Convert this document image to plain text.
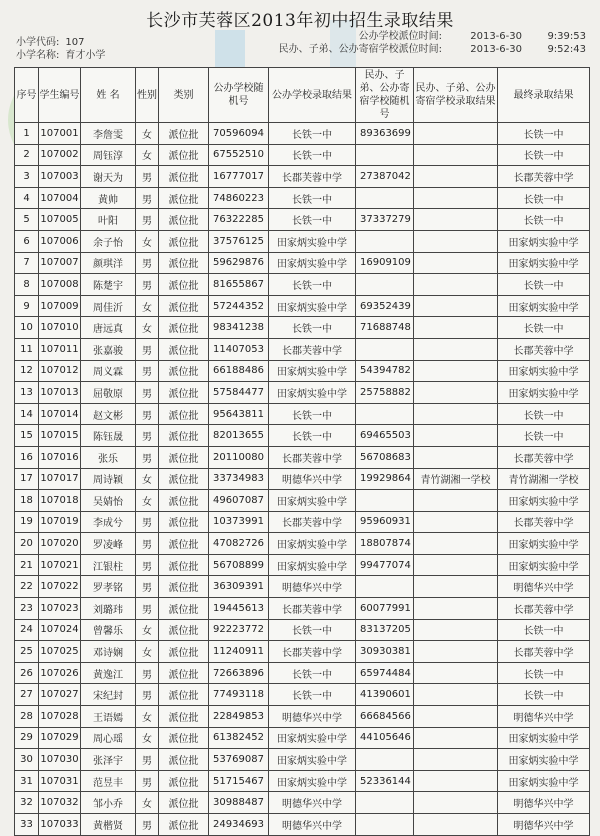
长沙市芙蓉区2013年初中招生录取结果
小学代码: 107
小学名称: 育才小学
公办学校派位时间:	2013-6-30	9:39:53
民办、子弟、公办寄宿学校派位时间:	2013-6-30	9:52:43
序号	学生编号	姓 名	性别	类别	公办学校随机号	公办学校录取结果	民办、子弟、公办寄宿学校随机号	民办、子弟、公办寄宿学校录取结果	最终录取结果
1	107001	李詹雯	女	派位批	70596094	长铁一中	89363699		长铁一中
2	107002	周钰淳	女	派位批	67552510	长铁一中			长铁一中
3	107003	谢天为	男	派位批	16777017	长郡芙蓉中学	27387042		长郡芙蓉中学
4	107004	黄帅	男	派位批	74860223	长铁一中			长铁一中
5	107005	叶阳	男	派位批	76322285	长铁一中	37337279		长铁一中
6	107006	余子怡	女	派位批	37576125	田家炳实验中学			田家炳实验中学
7	107007	颜琪洋	男	派位批	59629876	田家炳实验中学	16909109		田家炳实验中学
8	107008	陈楚宇	男	派位批	81655867	长铁一中			长铁一中
9	107009	周佳沂	女	派位批	57244352	田家炳实验中学	69352439		田家炳实验中学
10	107010	唐远真	女	派位批	98341238	长铁一中	71688748		长铁一中
11	107011	张嘉骏	男	派位批	11407053	长郡芙蓉中学			长郡芙蓉中学
12	107012	周义霖	男	派位批	66188486	田家炳实验中学	54394782		田家炳实验中学
13	107013	屈敬原	男	派位批	57584477	田家炳实验中学	25758882		田家炳实验中学
14	107014	赵文彬	男	派位批	95643811	长铁一中			长铁一中
15	107015	陈钰晟	男	派位批	82013655	长铁一中	69465503		长铁一中
16	107016	张乐	男	派位批	20110080	长郡芙蓉中学	56708683		长郡芙蓉中学
17	107017	周诗颖	女	派位批	33734983	明德华兴中学	19929864	青竹湖湘一学校	青竹湖湘一学校
18	107018	吴婧怡	女	派位批	49607087	田家炳实验中学			田家炳实验中学
19	107019	李成兮	男	派位批	10373991	长郡芙蓉中学	95960931		长郡芙蓉中学
20	107020	罗凌峰	男	派位批	47082726	田家炳实验中学	18807874		田家炳实验中学
21	107021	江银柱	男	派位批	56708899	田家炳实验中学	99477074		田家炳实验中学
22	107022	罗孝铭	男	派位批	36309391	明德华兴中学			明德华兴中学
23	107023	刘璐玮	男	派位批	19445613	长郡芙蓉中学	60077991		长郡芙蓉中学
24	107024	曾馨乐	女	派位批	92223772	长铁一中	83137205		长铁一中
25	107025	邓诗娴	女	派位批	11240911	长郡芙蓉中学	30930381		长郡芙蓉中学
26	107026	黄逸江	男	派位批	72663896	长铁一中	65974484		长铁一中
27	107027	宋纪封	男	派位批	77493118	长铁一中	41390601		长铁一中
28	107028	王语嫣	女	派位批	22849853	明德华兴中学	66684566		明德华兴中学
29	107029	周心瑶	女	派位批	61382452	田家炳实验中学	44105646		田家炳实验中学
30	107030	张泽宇	男	派位批	53769087	田家炳实验中学			田家炳实验中学
31	107031	范昱丰	男	派位批	51715467	田家炳实验中学	52336144		田家炳实验中学
32	107032	邹小乔	女	派位批	30988487	明德华兴中学			明德华兴中学
33	107033	黄楷贤	男	派位批	24934693	明德华兴中学			明德华兴中学
